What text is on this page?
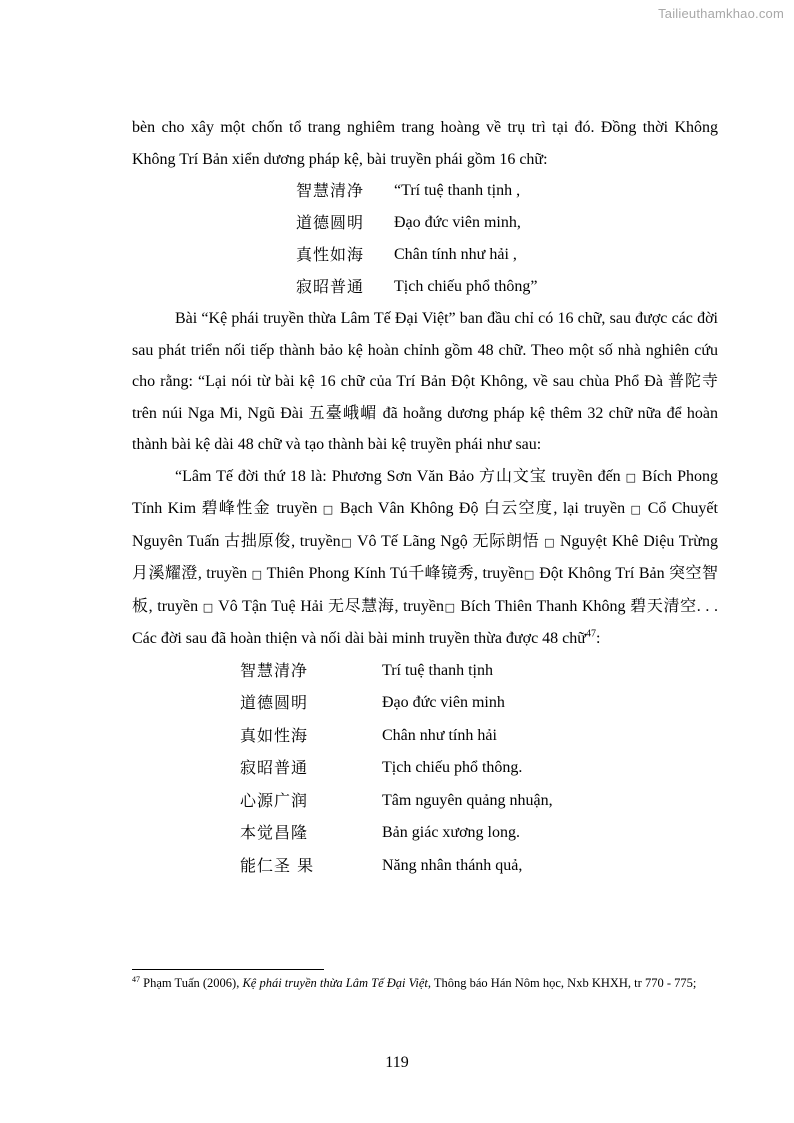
Tailieuthamkhao.com

bèn cho xây một chốn tổ trang nghiêm trang hoàng về trụ trì tại đó. Đồng thời Không Không Trí Bản xiển dương pháp kệ, bài truyền phái gồm 16 chữ:

智慧清净 “Trí tuệ thanh tịnh ,
道德圆明 Đạo đức viên minh,
真性如海 Chân tính như hải ,
寂昭普通 Tịch chiếu phổ thông”

Bài “Kệ phái truyền thừa Lâm Tế Đại Việt” ban đầu chỉ có 16 chữ, sau được các đời sau phát triển nối tiếp thành bảo kệ hoàn chỉnh gồm 48 chữ. Theo một số nhà nghiên cứu cho rằng: “Lại nói từ bài kệ 16 chữ của Trí Bản Đột Không, về sau chùa Phổ Đà 普陀寺 trên núi Nga Mi, Ngũ Đài 五臺峨嵋 đã hoằng dương pháp kệ thêm 32 chữ nữa để hoàn thành bài kệ dài 48 chữ và tạo thành bài kệ truyền phái như sau:

“Lâm Tế đời thứ 18 là: Phương Sơn Văn Bảo 方山文宝 truyền đến □ Bích Phong Tính Kim 碧峰性金 truyền □ Bạch Vân Không Độ 白云空度, lại truyền □ Cổ Chuyết Nguyên Tuấn 古拙原俊, truyền□ Vô Tế Lãng Ngộ 无际朗悟 □ Nguyệt Khê Diệu Trừng 月溪耀澄, truyền □ Thiên Phong Kính Tú千峰镜秀, truyền□ Đột Không Trí Bản 突空智板, truyền □ Vô Tận Tuệ Hải 无尽慧海, truyền□ Bích Thiên Thanh Không 碧天清空. . . Các đời sau đã hoàn thiện và nối dài bài minh truyền thừa được 48 chữ$^{47}$:

智慧清净	Trí tuệ thanh tịnh
道德圆明	Đạo đức viên minh
真如性海	Chân như tính hải
寂昭普通	Tịch chiếu phổ thông.
心源广润	Tâm nguyên quảng nhuận,
本觉昌隆	Bản giác xương long.
能仁圣 果	Năng nhân thánh quả,
$^{47}$ Phạm Tuấn (2006), Kệ phái truyền thừa Lâm Tế Đại Việt, Thông báo Hán Nôm học, Nxb KHXH, tr 770 - 775;
119
